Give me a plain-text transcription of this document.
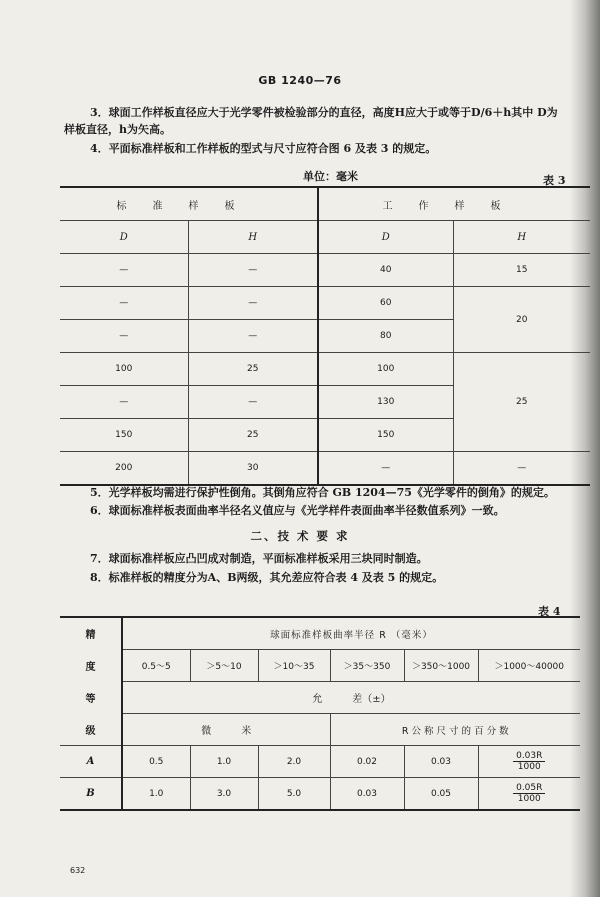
GB 1240—76
3．球面工作样板直径应大于光学零件被检验部分的直径，高度H应大于或等于D/6＋h其中 D为
样板直径，h为矢高。
4．平面标准样板和工作样板的型式与尺寸应符合图 6 及表 3 的规定。
单位：毫米	表 3
标准样板		工作样板	
D	H	D	H
—	—	40	15
—	—	60	20
—	—	80	
100	25	100	25
—	—	130	
150	25	150	
200	30	—	—
5．光学样板均需进行保护性倒角。其倒角应符合 GB 1204—75《光学零件的倒角》的规定。
6．球面标准样板表面曲率半径名义值应与《光学样件表面曲率半径数值系列》一致。
二、技 术 要 求
7．球面标准样板应凸凹成对制造，平面标准样板采用三块同时制造。
8．标准样板的精度分为A、B两级，其允差应符合表 4 及表 5 的规定。
表 4
精	球面标准样板曲率半径 R （毫米）					
度	0.5～5	＞5～10	＞10～35	＞35～350	＞350～1000	＞1000～40000
等	允　　　差（±）					
级	微　　　米			R 公 称 尺 寸 的 百 分 数		
A	0.5	1.0	2.0	0.02	0.03	$\frac{0.03R}{1000}$

B	1.0	3.0	5.0	0.03	0.05	$\frac{0.05R}{1000}$
632
